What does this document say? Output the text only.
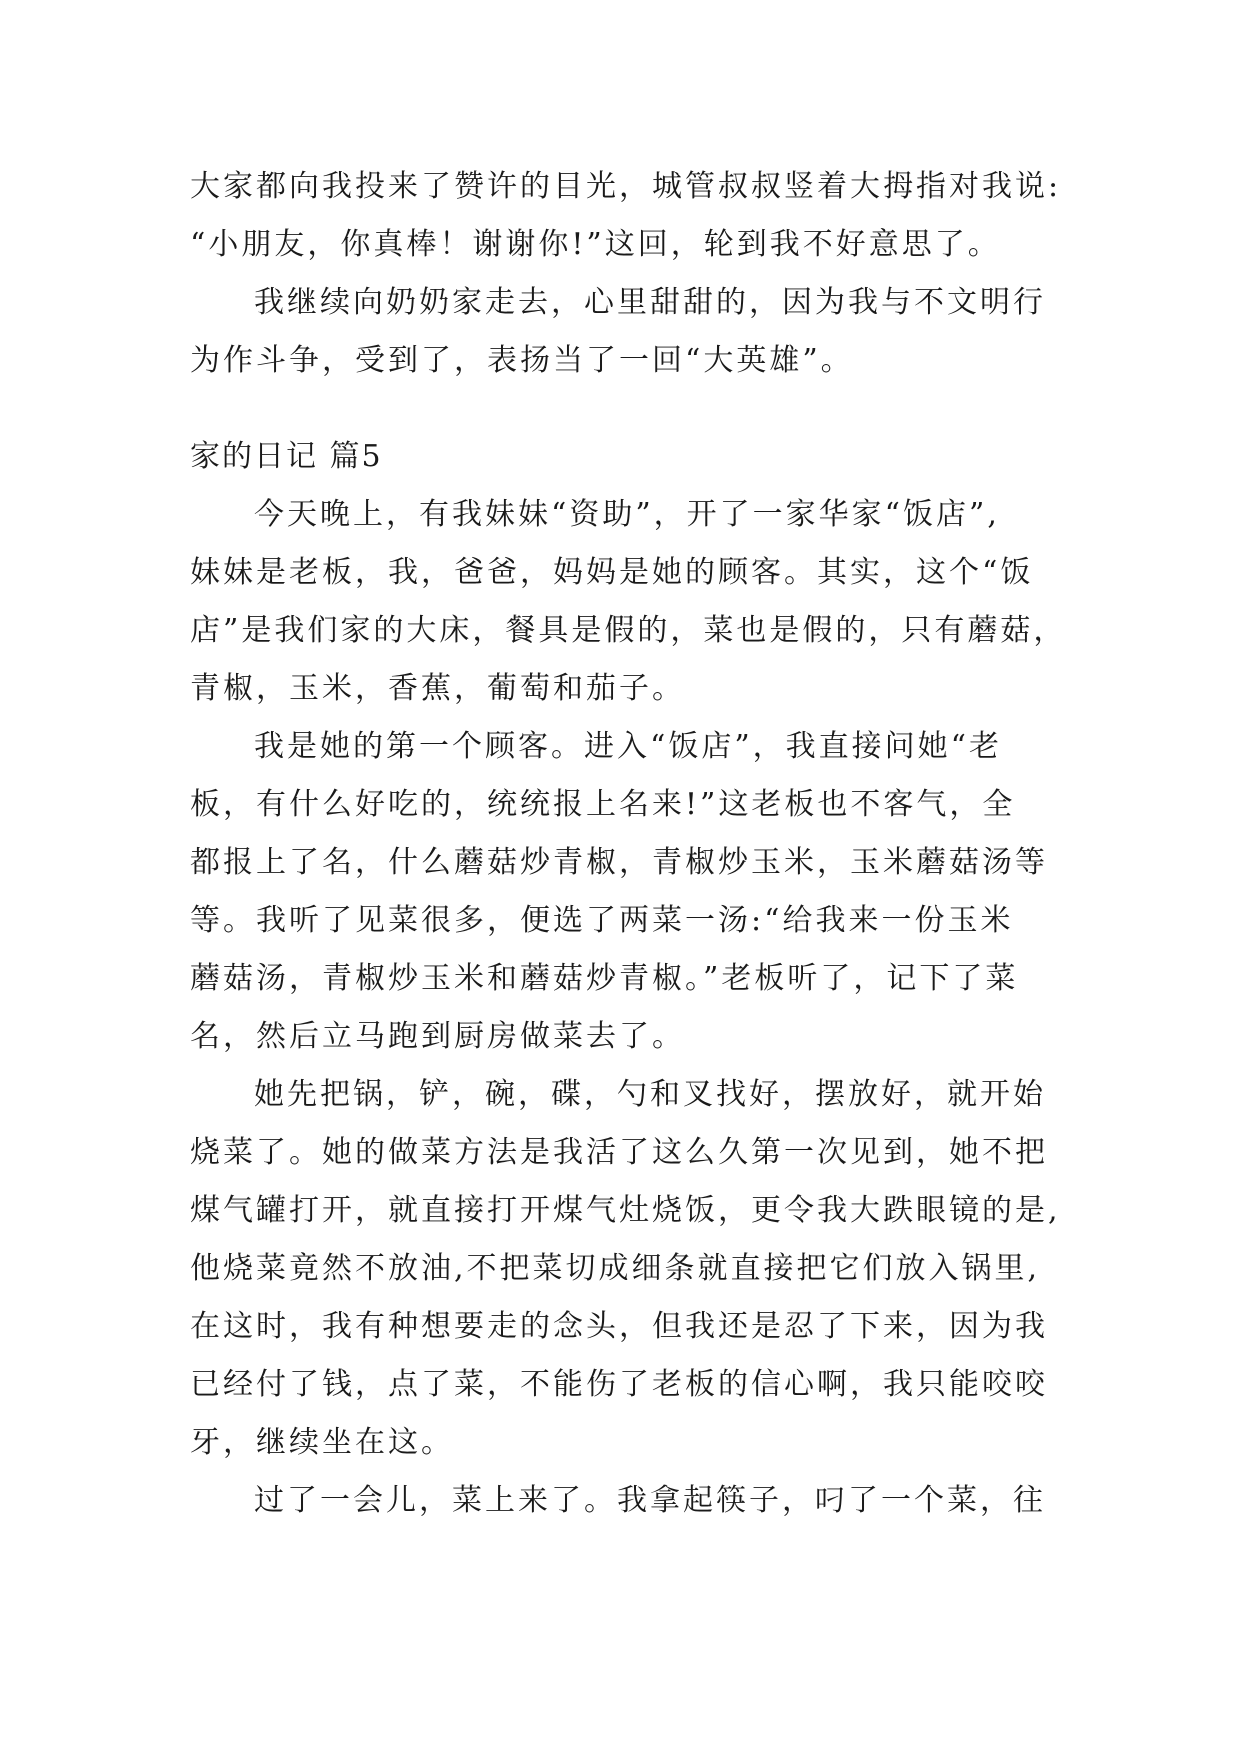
大家都向我投来了赞许的目光，城管叔叔竖着大拇指对我说:
“小朋友，你真棒！谢谢你!”这回，轮到我不好意思了。
我继续向奶奶家走去，心里甜甜的，因为我与不文明行
为作斗争，受到了，表扬当了一回“大英雄”。
家的日记 篇5
今天晚上，有我妹妹“资助”，开了一家华家“饭店”,
妹妹是老板，我，爸爸，妈妈是她的顾客。其实，这个“饭
店”是我们家的大床，餐具是假的，菜也是假的，只有蘑菇，
青椒，玉米，香蕉，葡萄和茄子。
我是她的第一个顾客。进入“饭店”，我直接问她“老
板，有什么好吃的，统统报上名来!”这老板也不客气，全
都报上了名，什么蘑菇炒青椒，青椒炒玉米，玉米蘑菇汤等
等。我听了见菜很多，便选了两菜一汤:“给我来一份玉米
蘑菇汤，青椒炒玉米和蘑菇炒青椒。”老板听了，记下了菜
名，然后立马跑到厨房做菜去了。
她先把锅，铲，碗，碟，勺和叉找好，摆放好，就开始
烧菜了。她的做菜方法是我活了这么久第一次见到，她不把
煤气罐打开，就直接打开煤气灶烧饭，更令我大跌眼镜的是,
他烧菜竟然不放油,不把菜切成细条就直接把它们放入锅里,
在这时，我有种想要走的念头，但我还是忍了下来，因为我
已经付了钱，点了菜，不能伤了老板的信心啊，我只能咬咬
牙，继续坐在这。
过了一会儿，菜上来了。我拿起筷子，叼了一个菜，往
